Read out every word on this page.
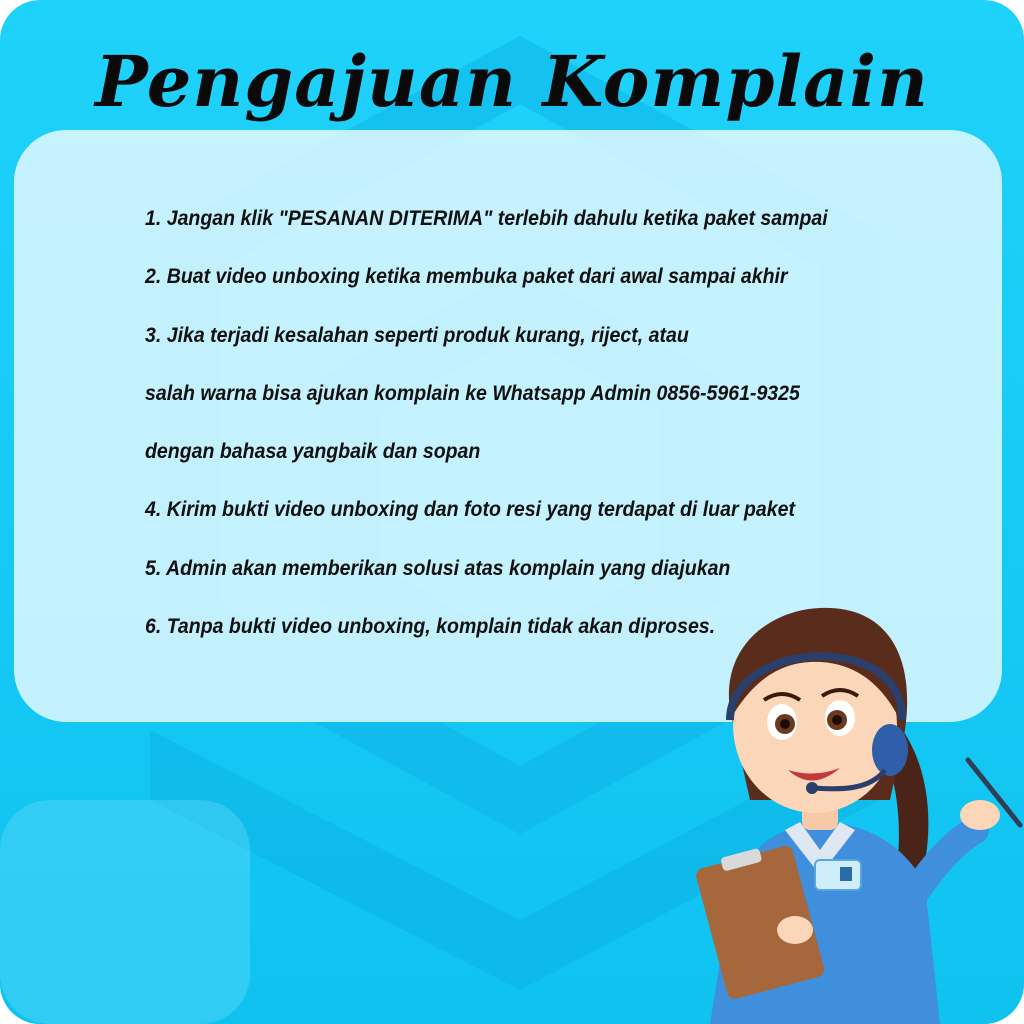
Pengajuan Komplain
1. Jangan klik "PESANAN DITERIMA" terlebih dahulu ketika paket sampai
2. Buat video unboxing ketika membuka paket dari awal sampai akhir
3. Jika terjadi kesalahan seperti produk kurang, riject, atau
salah warna bisa ajukan komplain ke Whatsapp Admin 0856-5961-9325
dengan bahasa yangbaik dan sopan
4. Kirim bukti video unboxing dan foto resi yang terdapat di luar paket
5. Admin akan memberikan solusi atas komplain yang diajukan
6. Tanpa bukti video unboxing, komplain tidak akan diproses.
